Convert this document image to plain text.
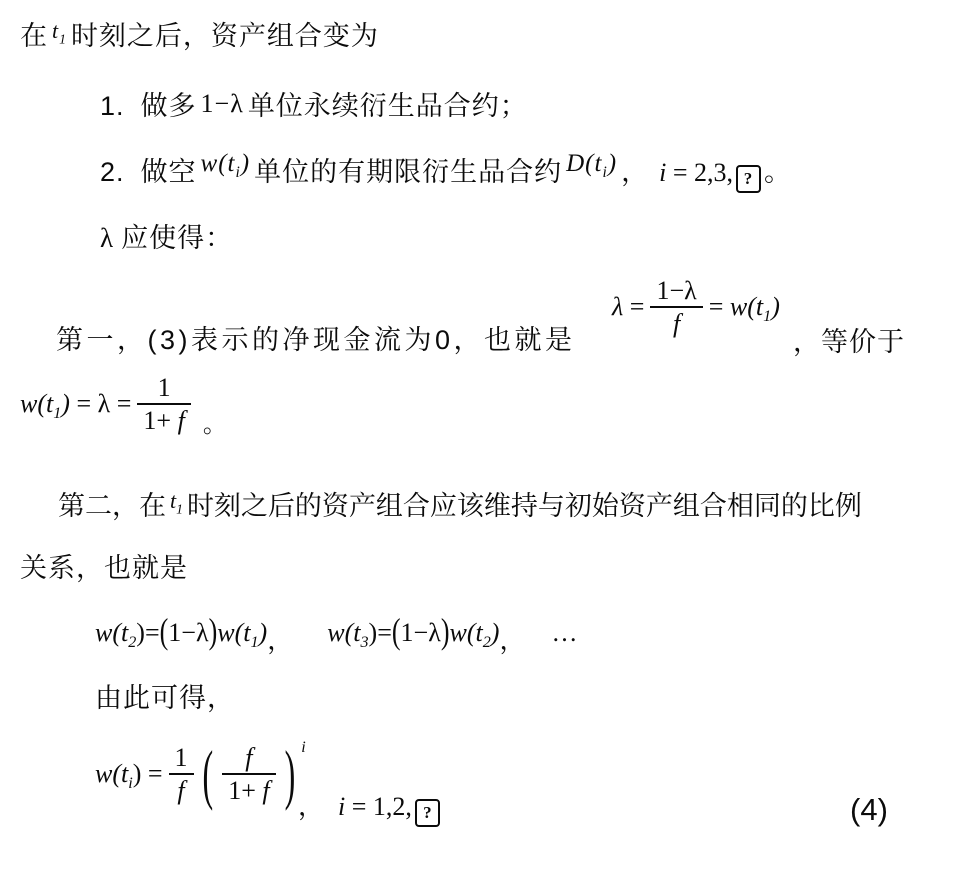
在 $^{t_1}$ 时刻之后，资产组合变为
1. 做多 1−λ 单位永续衍生品合约；
2. 做空 $w(t_i)$ 单位的有期限衍生品合约 $D(t_i)$ ， i = 2,3, ? 。
λ 应使得：
第一，(3)表示的净现金流为0，也就是
$\lambda = \frac{1-\lambda}{f} = w(t_1)$
，等价于
$w(t_1) = \lambda = \frac{1}{1+ f}$ 。
第二，在 $^{t_1}$ 时刻之后的资产组合应该维持与初始资产组合相同的比例
关系，也就是
$w(t_2)=(1-\lambda)w(t_1)$， $w(t_3)=(1-\lambda)w(t_2)$， …
由此可得，
$w(t_i) = \frac{1}{f}$ ( $\frac{f}{1+ f}$ ) i
， i = 1,2, ?	(4)
